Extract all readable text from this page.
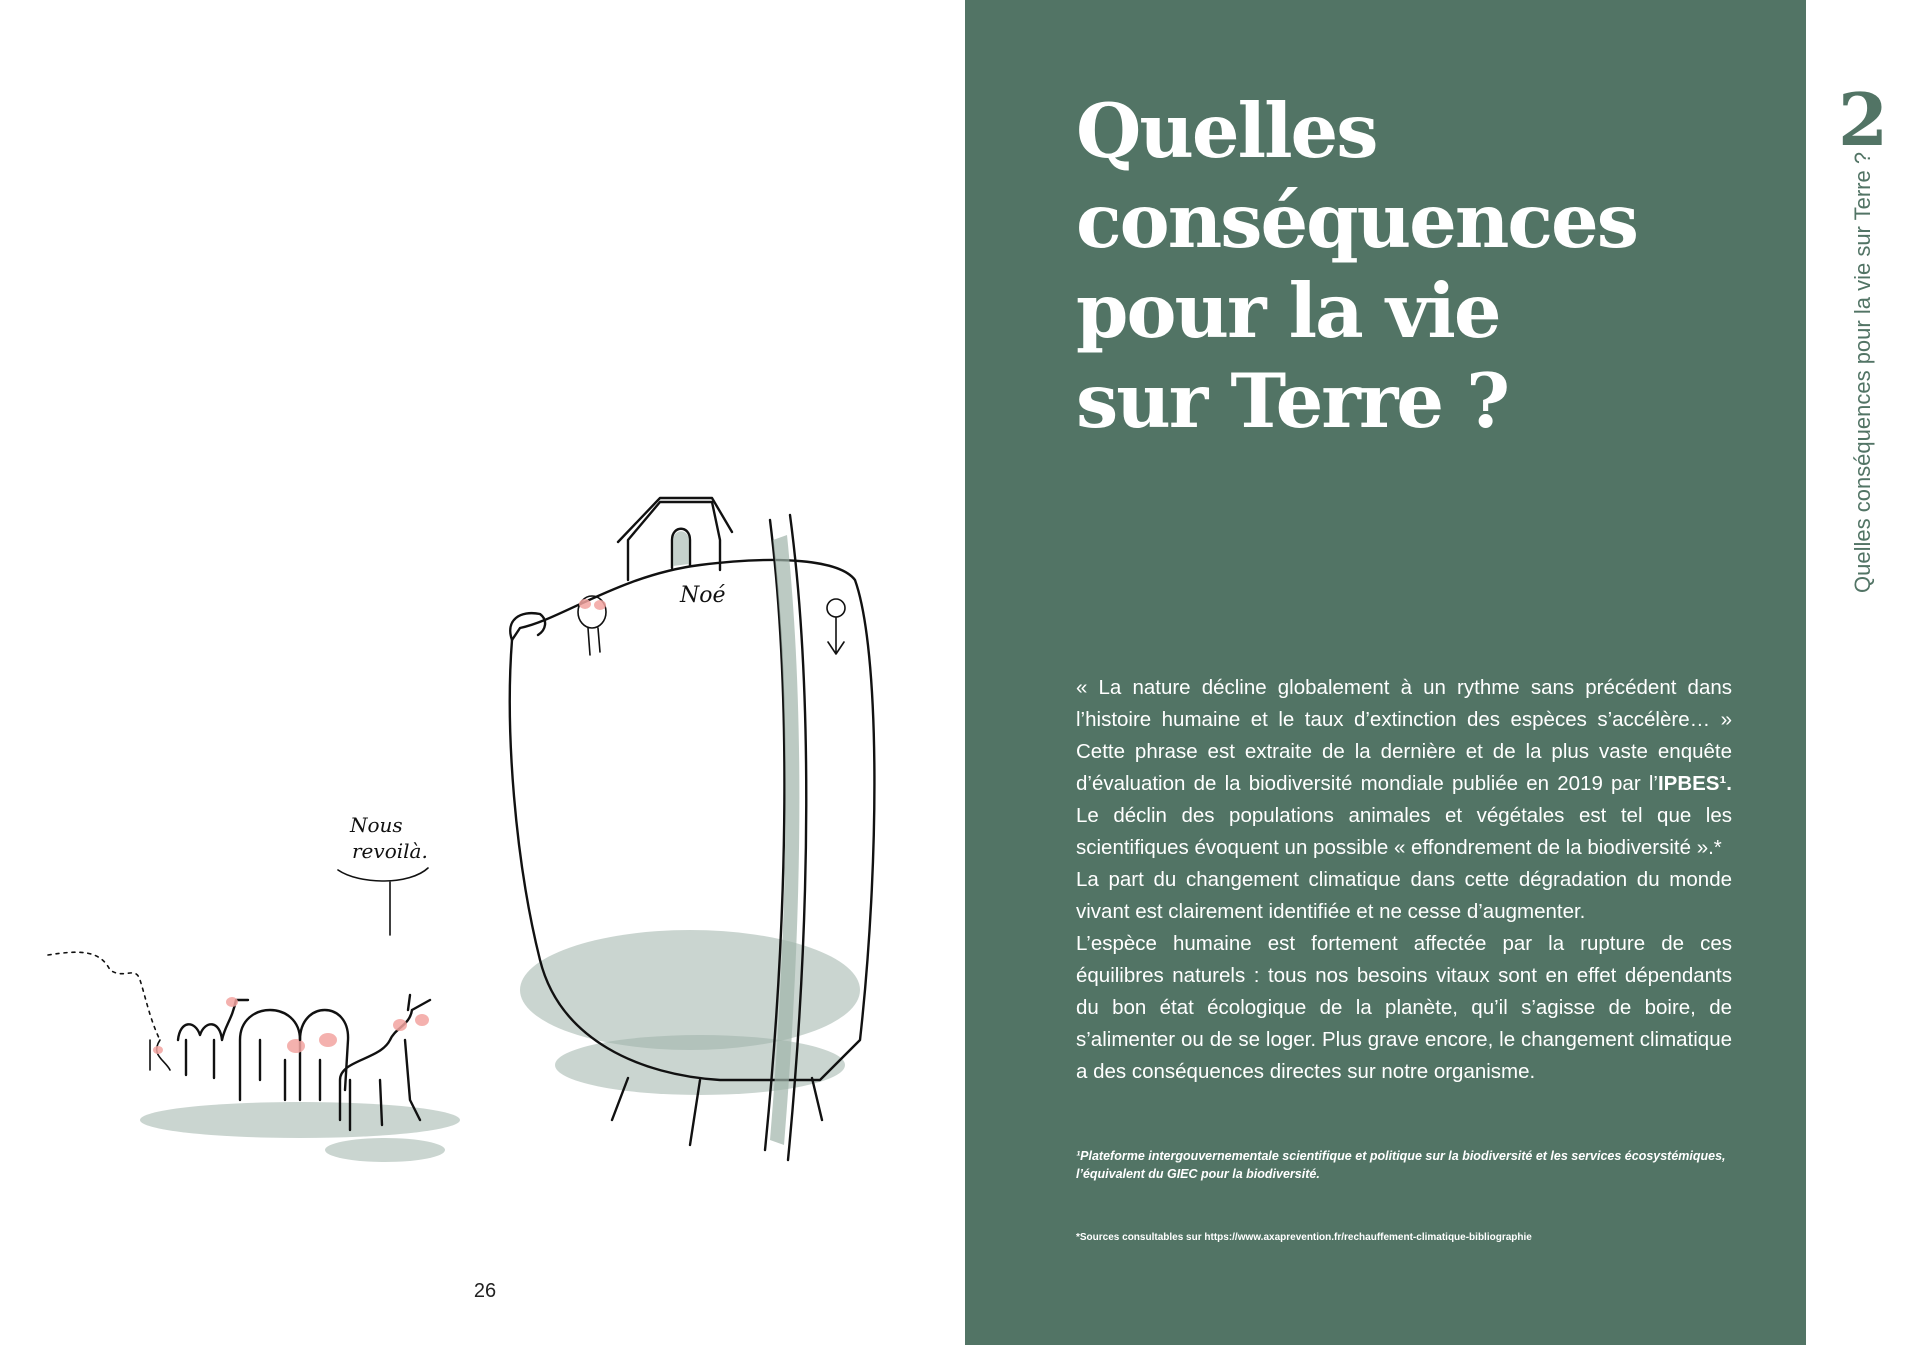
Noé
Nous
revoilà.
26
Quelles
conséquences
pour la vie
sur Terre ?

« La nature décline globalement à un rythme sans précédent dans l’histoire humaine et le taux d’extinction des espèces s’accélère… » Cette phrase est extraite de la dernière et de la plus vaste enquête d’évaluation de la biodiversité mondiale publiée en 2019 par l’IPBES¹. Le déclin des populations animales et végétales est tel que les scientifiques évoquent un possible « effondrement de la biodiversité ».*

La part du changement climatique dans cette dégradation du monde vivant est clairement identifiée et ne cesse d’augmenter.

L’espèce humaine est fortement affectée par la rupture de ces équilibres naturels : tous nos besoins vitaux sont en effet dépendants du bon état écologique de la planète, qu’il s’agisse de boire, de s’alimenter ou de se loger. Plus grave encore, le changement climatique a des conséquences directes sur notre organisme.

¹Plateforme intergouvernementale scientifique et politique sur la biodiversité et les services écosystémiques, l’équivalent du GIEC pour la biodiversité.
*Sources consultables sur https://www.axaprevention.fr/rechauffement-climatique-bibliographie
2
Quelles conséquences pour la vie sur Terre ?
